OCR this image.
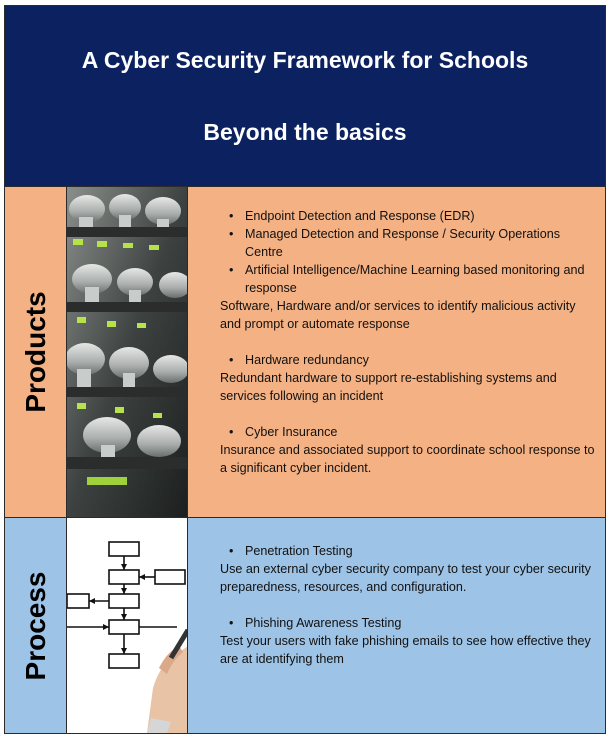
A Cyber Security Framework for Schools
Beyond the basics
Products
• Endpoint Detection and Response (EDR)
• Managed Detection and Response / Security Operations Centre
• Artificial Intelligence/Machine Learning based monitoring and response
Software, Hardware and/or services to identify malicious activity and prompt or automate response
• Hardware redundancy
Redundant hardware to support re-establishing systems and services following an incident
• Cyber Insurance
Insurance and associated support to coordinate school response to a significant cyber incident.
Process
• Penetration Testing
Use an external cyber security company to test your cyber security preparedness, resources, and configuration.
• Phishing Awareness Testing
Test your users with fake phishing emails to see how effective they are at identifying them
